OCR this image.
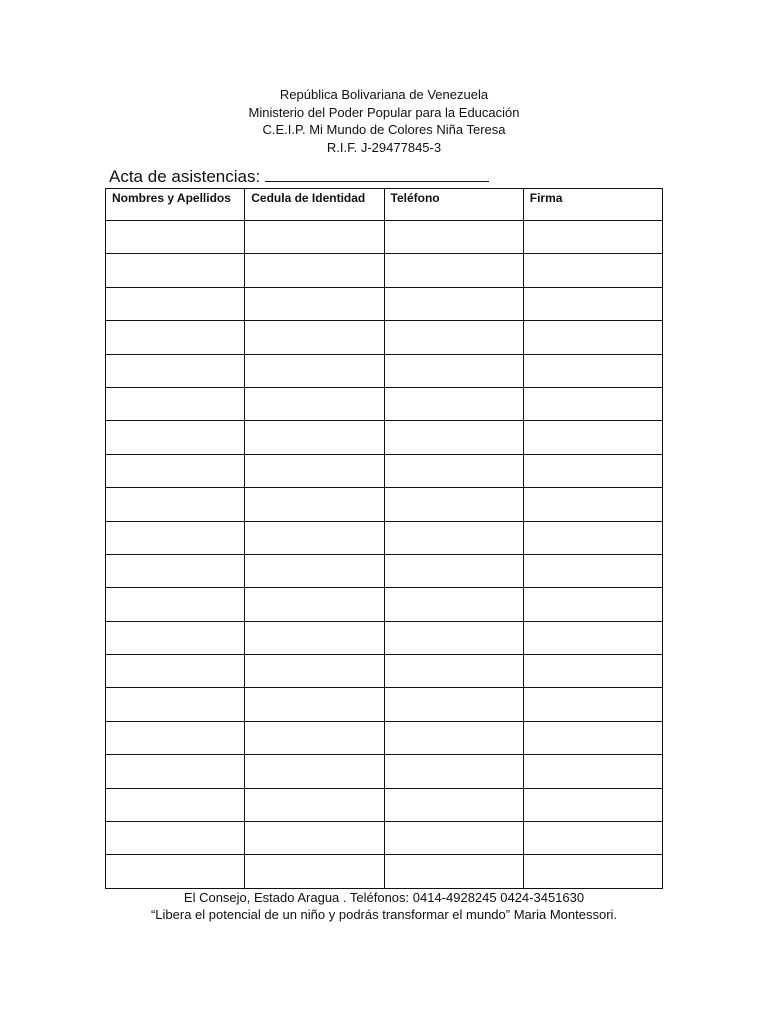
República Bolivariana de Venezuela
Ministerio del Poder Popular para la Educación
C.E.I.P. Mi Mundo de Colores Niña Teresa
R.I.F. J-29477845-3
Acta de asistencias:
Nombres y Apellidos	Cedula de Identidad	Teléfono	Firma

El Consejo, Estado Aragua . Teléfonos: 0414-4928245 0424-3451630
“Libera el potencial de un niño y podrás transformar el mundo” Maria Montessori.
